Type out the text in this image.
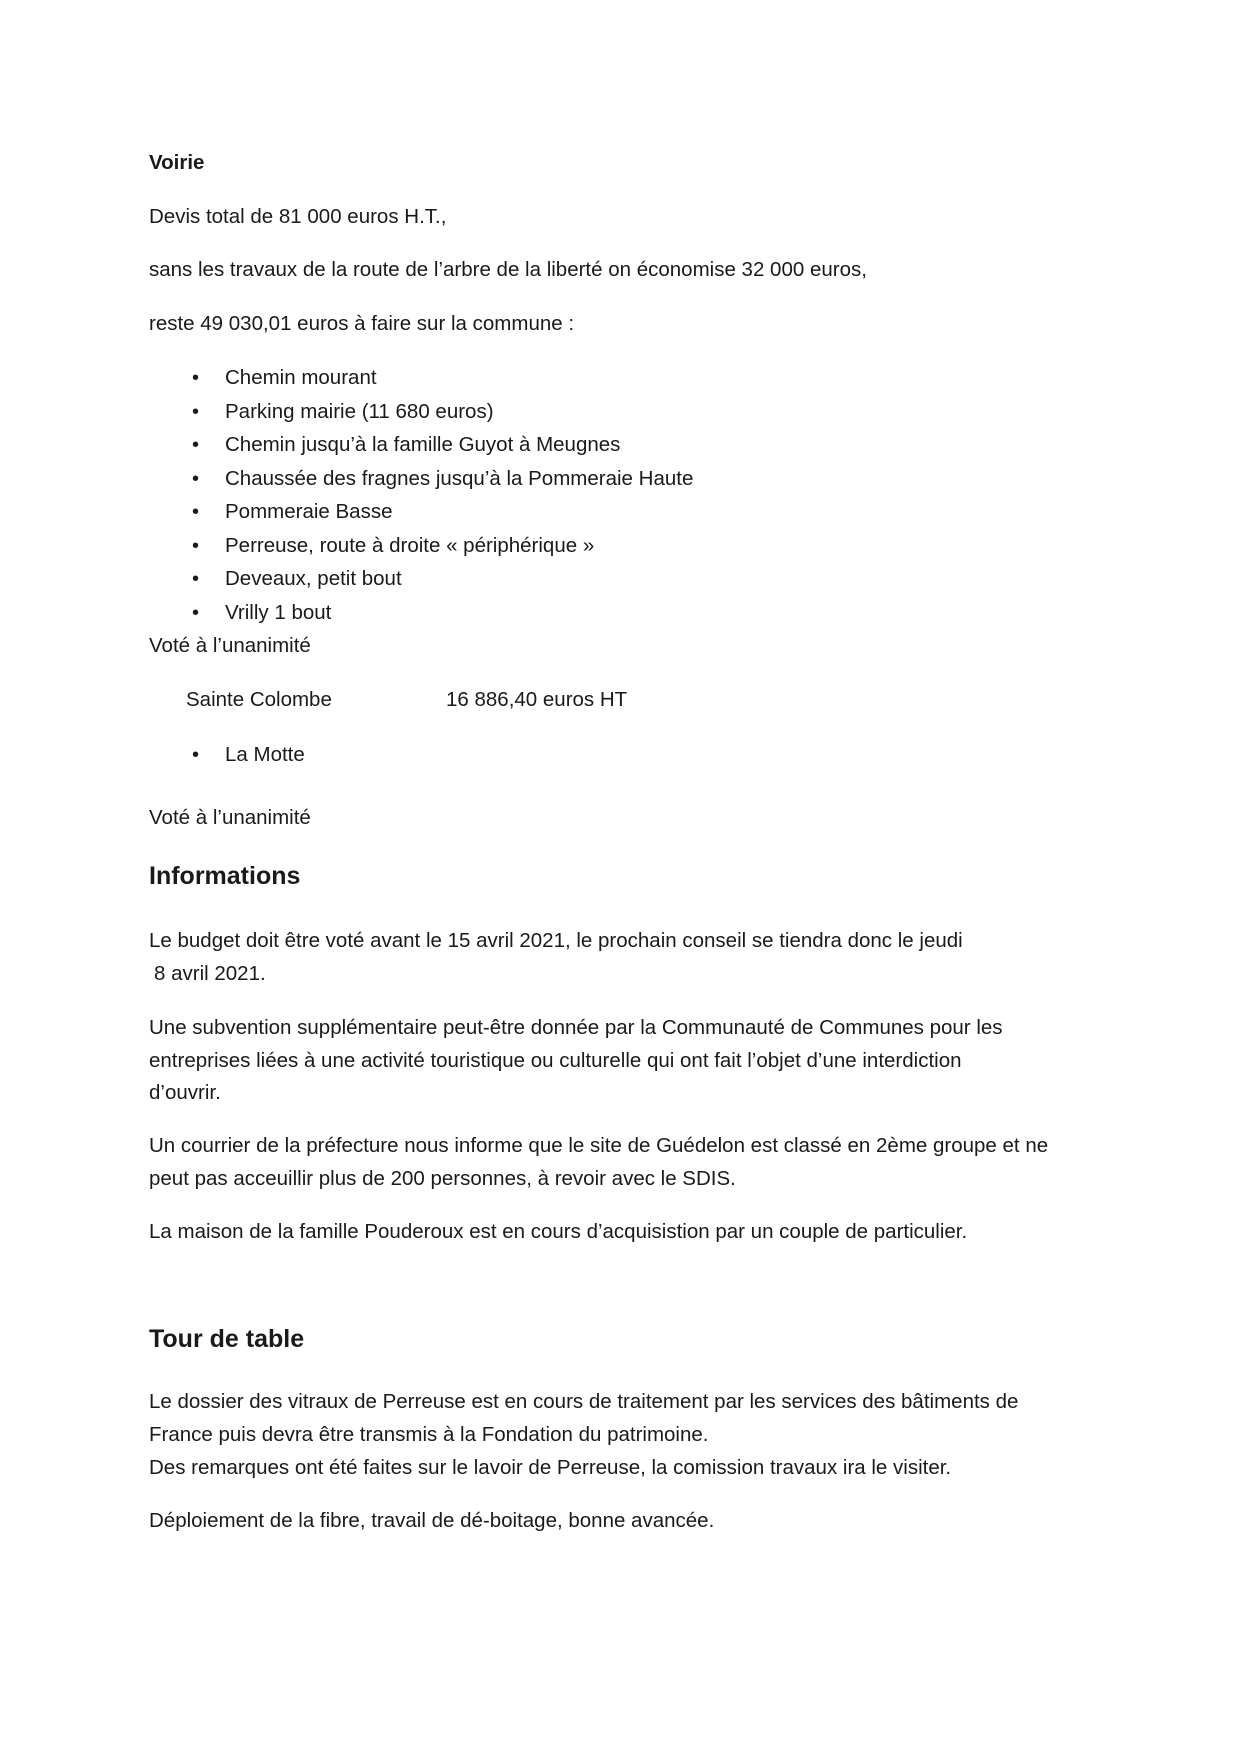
Voirie
Devis total de 81 000 euros H.T.,
sans les travaux de la route de l’arbre de la liberté on économise 32 000 euros,
reste 49 030,01 euros à faire sur la commune :
• Chemin mourant
• Parking mairie (11 680 euros)
• Chemin jusqu’à la famille Guyot à Meugnes
• Chaussée des fragnes jusqu’à la Pommeraie Haute
• Pommeraie Basse
• Perreuse, route à droite « périphérique »
• Deveaux, petit bout
• Vrilly 1 bout
Voté à l’unanimité
Sainte Colombe	16 886,40 euros HT
• La Motte
Voté à l’unanimité
Informations
Le budget doit être voté avant le 15 avril 2021, le prochain conseil se tiendra donc le jeudi
8 avril 2021.
Une subvention supplémentaire peut-être donnée par la Communauté de Communes pour les
entreprises liées à une activité touristique ou culturelle qui ont fait l’objet d’une interdiction
d’ouvrir.
Un courrier de la préfecture nous informe que le site de Guédelon est classé en 2ème groupe et ne
peut pas acceuillir plus de 200 personnes, à revoir avec le SDIS.
La maison de la famille Pouderoux est en cours d’acquisistion par un couple de particulier.
Tour de table
Le dossier des vitraux de Perreuse est en cours de traitement par les services des bâtiments de
France puis devra être transmis à la Fondation du patrimoine.
Des remarques ont été faites sur le lavoir de Perreuse, la comission travaux ira le visiter.
Déploiement de la fibre, travail de dé-boitage, bonne avancée.
